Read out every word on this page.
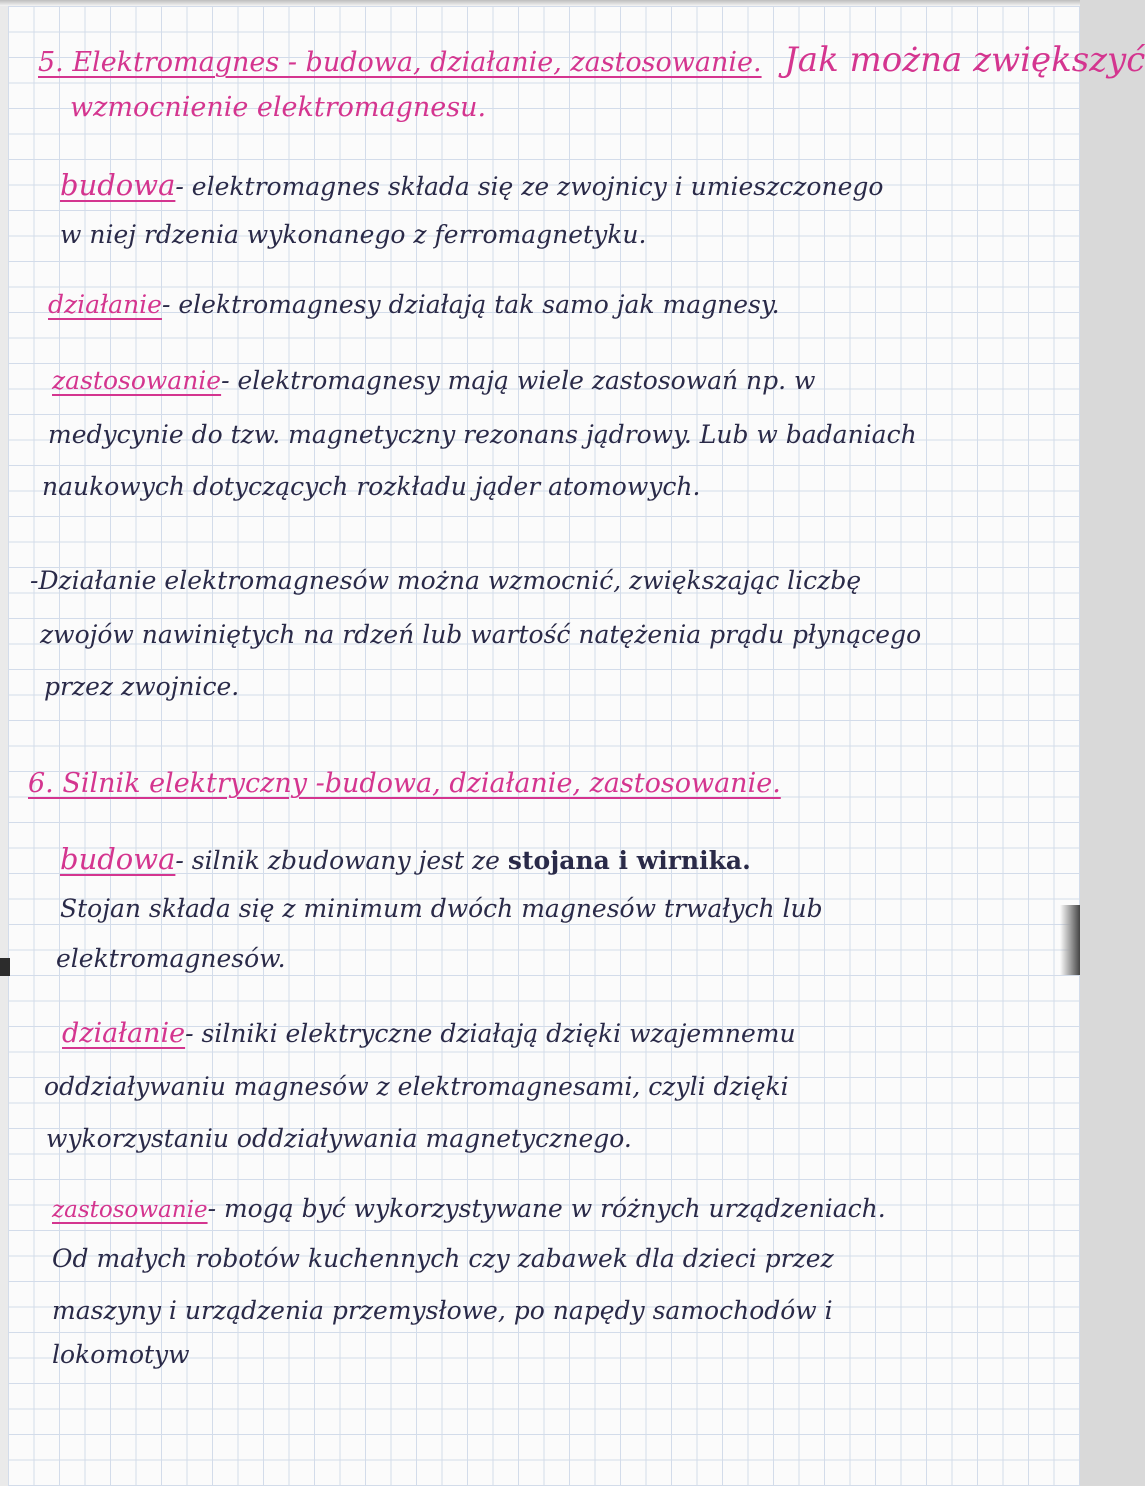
5. Elektromagnes - budowa, działanie, zastosowanie. Jak można zwiększyć

wzmocnienie elektromagnesu.

budowa- elektromagnes składa się ze zwojnicy i umieszczonego

w niej rdzenia wykonanego z ferromagnetyku.

działanie- elektromagnesy działają tak samo jak magnesy.

zastosowanie- elektromagnesy mają wiele zastosowań np. w

medycynie do tzw. magnetyczny rezonans jądrowy. Lub w badaniach

naukowych dotyczących rozkładu jąder atomowych.

-Działanie elektromagnesów można wzmocnić, zwiększając liczbę

zwojów nawiniętych na rdzeń lub wartość natężenia prądu płynącego

przez zwojnice.

6. Silnik elektryczny -budowa, działanie, zastosowanie.

budowa- silnik zbudowany jest ze stojana i wirnika.

Stojan składa się z minimum dwóch magnesów trwałych lub

elektromagnesów.

działanie- silniki elektryczne działają dzięki wzajemnemu

oddziaływaniu magnesów z elektromagnesami, czyli dzięki

wykorzystaniu oddziaływania magnetycznego.

zastosowanie- mogą być wykorzystywane w różnych urządzeniach.

Od małych robotów kuchennych czy zabawek dla dzieci przez

maszyny i urządzenia przemysłowe, po napędy samochodów i

lokomotyw
